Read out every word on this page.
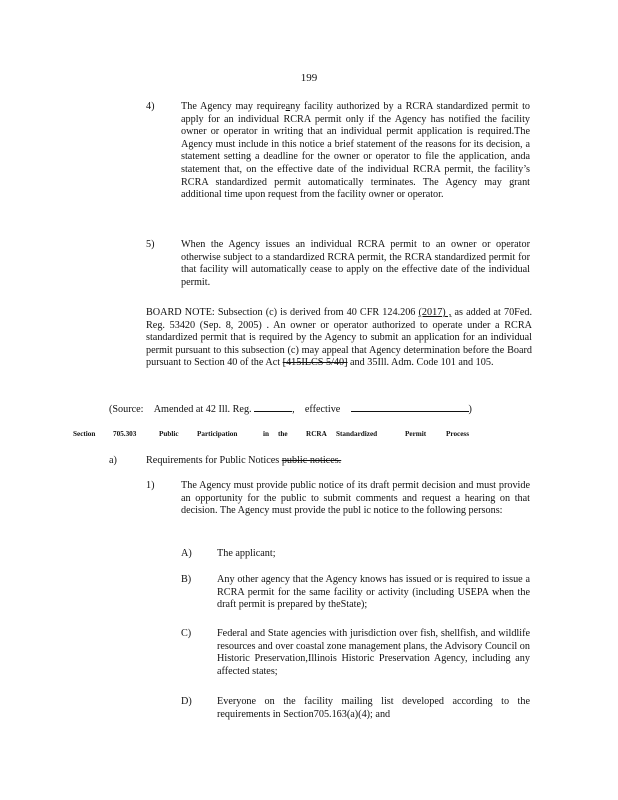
199
4)	The Agency may requireany facility authorized by a RCRA standardized permit to apply for an individual RCRA permit only if the Agency has notified the facility owner or operator in writing that an individual permit application is required.The Agency must include in this notice a brief statement of the reasons for its decision, a statement setting a deadline for the owner or operator to file the application, anda statement that, on the effective date of the individual RCRA permit, the facility’s RCRA standardized permit automatically terminates. The Agency may grant additional time upon request from the facility owner or operator.
5)	When the Agency issues an individual RCRA permit to an owner or operator otherwise subject to a standardized RCRA permit, the RCRA standardized permit for that facility will automatically cease to apply on the effective date of the individual permit.
BOARD NOTE: Subsection (c) is derived from 40 CFR 124.206 (2017) , as added at 70Fed. Reg. 53420 (Sep. 8, 2005) . An owner or operator authorized to operate under a RCRA standardized permit that is required by the Agency to submit an application for an individual permit pursuant to this subsection (c) may appeal that Agency determination before the Board pursuant to Section 40 of the Act [415ILCS 5/40] and 35Ill. Adm. Code 101 and 105.
(Source: Amended at 42 Ill. Reg.	,    effective	)
Section 705.303	Public	Participation	in the	RCRA Standardized	Permit	Process
a)	Requirements for Public Notices public notices.
1)	The Agency must provide public notice of its draft permit decision and must provide an opportunity for the public to submit comments and request a hearing on that decision. The Agency must provide the publ ic notice to the following persons:
A) The applicant;
B)	Any other agency that the Agency knows has issued or is required to issue a RCRA permit for the same facility or activity (including USEPA when the draft permit is prepared by theState);
C)	Federal and State agencies with jurisdiction over fish, shellfish, and wildlife resources and over coastal zone management plans, the Advisory Council on Historic Preservation,Illinois Historic Preservation Agency, including any affected states;
D) Everyone on the facility mailing list developed according to the requirements in Section705.163(a)(4); and
